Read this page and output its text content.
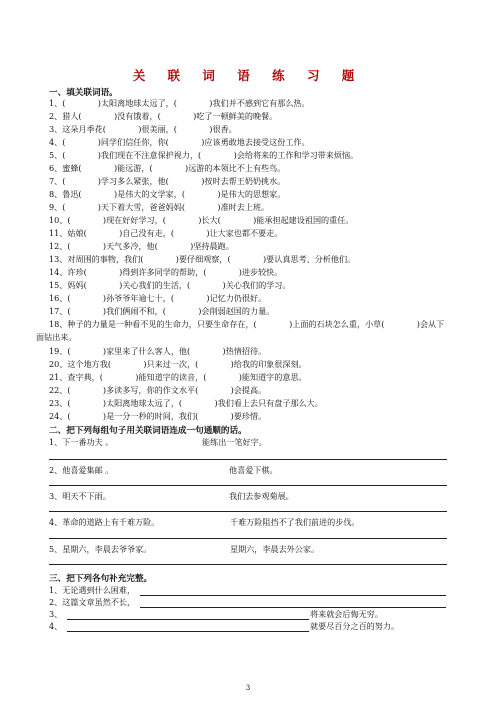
关 联 词 语 练 习 题
一、填关联词语。
1、(　　　　)太阳离地球太远了，(　　　　)我们并不感到它有那么热。
2、猎人(　　　　)没有饿着，(　　　　)吃了一顿鲜美的晚餐。
3、这朵月季花(　　　　)很美丽，(　　　　)很香。
4、(　　　　)同学们信任你，你(　　　　)应该勇敢地去接受这份工作。
5、(　　　　)我们现在不注意保护视力，(　　　　)会给将来的工作和学习带来烦恼。
6、蜜蜂(　　　　)能远游，(　　　　)远游的本领比不上有些鸟。
7、(　　　　)学习多么紧张，他(　　　　)按时去帮王奶奶挑水。
8、鲁迅(　　　　)是伟大的文学家，(　　　　)是伟大的思想家。
9、(　　　　)天下着大雪，爸爸妈妈(　　　　)准时去上班。
10、(　　　　)现在好好学习，(　　　　)长大(　　　　)能承担起建设祖国的重任。
11、姑娘(　　　　)自己没有走，(　　　　)让大家也都不要走。
12、(　　　　)天气多冷，他(　　　　)坚持晨跑。
13、对周围的事物，我们(　　　　)要仔细观察，(　　　　)要认真思考、分析他们。
14、许珍(　　　　)得到许多同学的帮助，(　　　　)进步较快。
15、妈妈(　　　　)关心我们的生活，(　　　　)关心我们的学习。
16、(　　　　)孙爷爷年逾七十，(　　　　)记忆力仍很好。
17、(　　　　)我们俩闹不和，(　　　　)会削弱赵国的力量。
18、种子的力量是一种看不见的生命力，只要生命存在，(　　　　)上面的石块怎么重，小草(　　　　)会从下面钻出来。
19、(　　　　)家里来了什么客人，他(　　　　)热情招待。
20、这个地方我(　　　　)只来过一次，(　　　　)给我的印象很深刻。
21、查字典，(　　　　)能知道字的读音，(　　　　)能知道字的意思。
22、(　　　　)多读多写，你的作文水平(　　　　)会提高。
23、(　　　　)太阳离地球太远了，(　　　　)我们看上去只有盘子那么大。
24、(　　　　)是一分一秒的时间，我们(　　　　)要珍惜。
二、把下列每组句子用关联词语连成一句通顺的话。
1、下一番功夫 。	能练出一笔好字。
2、他喜爱集邮 。	他喜爱下棋。
3、明天不下雨。	我们去参观菊展。
4、革命的道路上有千难万险。	千难万险阻挡不了我们前进的步伐。
5、星期六，李晨去爷爷家。	星期六，李晨去外公家。
三、把下列各句补充完整。
1、无论遇到什么困难，
2、这篇文章虽然不长，
3、	将来就会后悔无穷。
4、	就要尽百分之百的努力。
3
